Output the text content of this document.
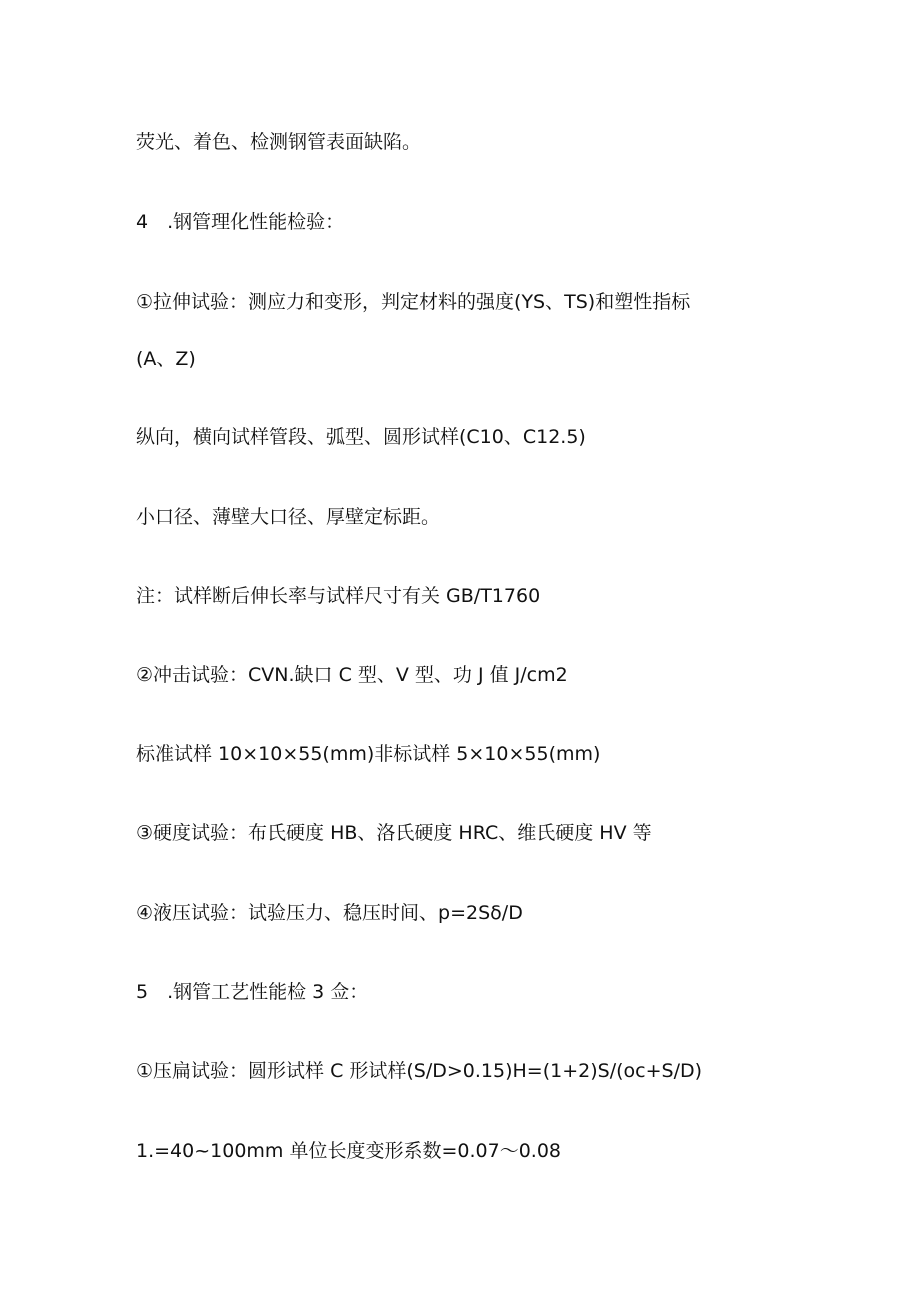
荧光、着色、检测钢管表面缺陷。
4　.钢管理化性能检验：
①拉伸试验：测应力和变形，判定材料的强度(YS、TS)和塑性指标
(A、Z)
纵向，横向试样管段、弧型、圆形试样(C10、C12.5)
小口径、薄壁大口径、厚壁定标距。
注：试样断后伸长率与试样尺寸有关 GB/T1760
②冲击试验：CVN.缺口 C 型、V 型、功 J 值 J∕cm2
标准试样 10×10×55(mm)非标试样 5×10×55(mm)
③硬度试验：布氏硬度 HB、洛氏硬度 HRC、维氏硬度 HV 等
④液压试验：试验压力、稳压时间、p=2Sδ∕D
5　.钢管工艺性能检 3 佥：
①压扁试验：圆形试样 C 形试样(S∕D>0.15)H=(1+2)S∕(oc+S/D)
1.=40~100mm 单位长度变形系数=0.07～0.08
